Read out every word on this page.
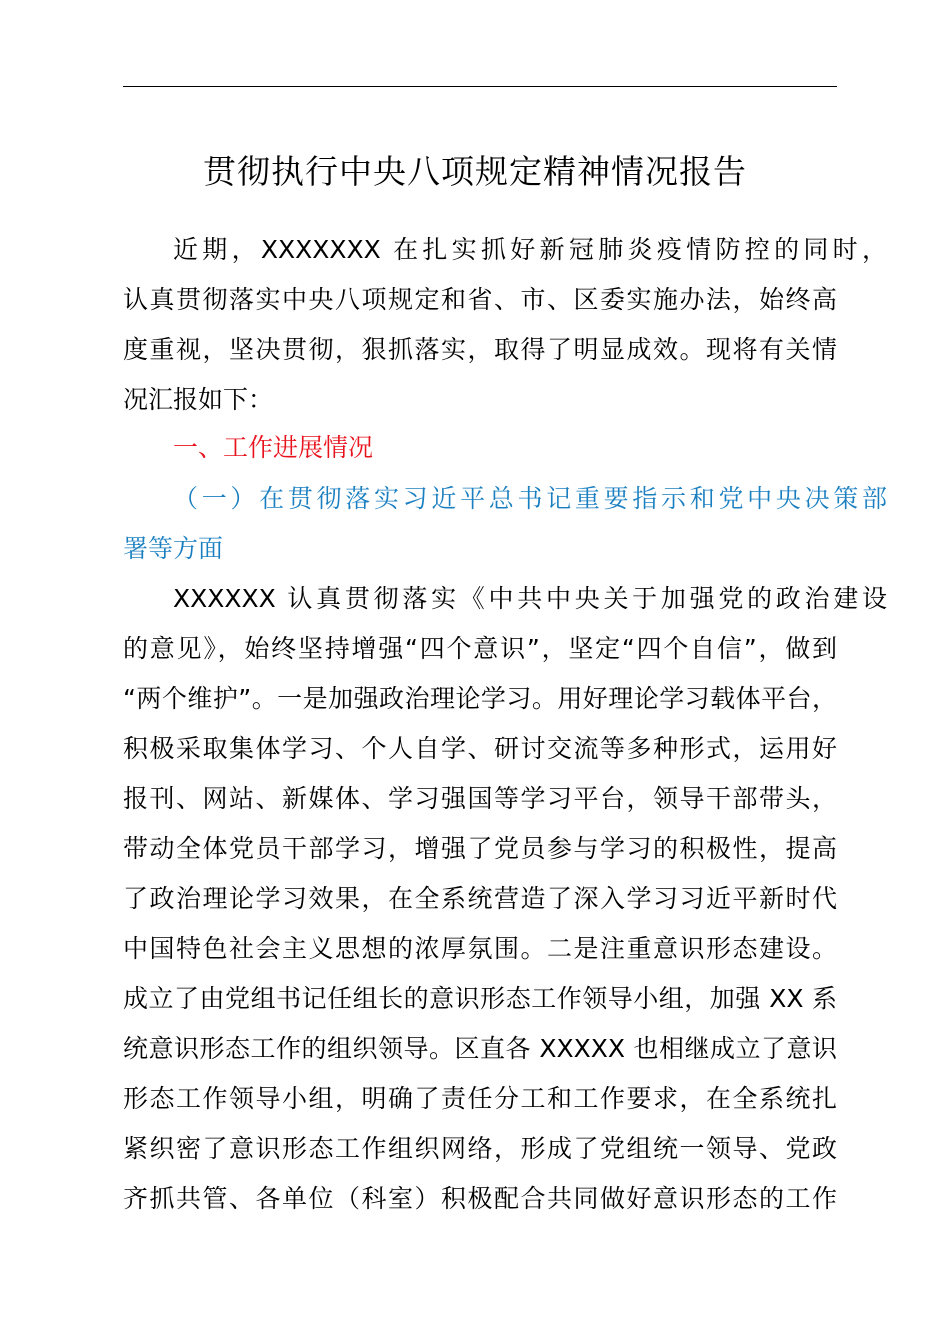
贯彻执行中央八项规定精神情况报告
近期，XXXXXXX 在扎实抓好新冠肺炎疫情防控的同时，
认真贯彻落实中央八项规定和省、市、区委实施办法，始终高
度重视，坚决贯彻，狠抓落实，取得了明显成效。现将有关情
况汇报如下：
一、工作进展情况
（一）在贯彻落实习近平总书记重要指示和党中央决策部
署等方面
XXXXXX 认真贯彻落实《中共中央关于加强党的政治建设
的意见》，始终坚持增强“四个意识”，坚定“四个自信”，做到
“两个维护”。一是加强政治理论学习。用好理论学习载体平台，
积极采取集体学习、个人自学、研讨交流等多种形式，运用好
报刊、网站、新媒体、学习强国等学习平台，领导干部带头，
带动全体党员干部学习，增强了党员参与学习的积极性，提高
了政治理论学习效果，在全系统营造了深入学习习近平新时代
中国特色社会主义思想的浓厚氛围。二是注重意识形态建设。
成立了由党组书记任组长的意识形态工作领导小组，加强 XX 系
统意识形态工作的组织领导。区直各 XXXXX 也相继成立了意识
形态工作领导小组，明确了责任分工和工作要求，在全系统扎
紧织密了意识形态工作组织网络，形成了党组统一领导、党政
齐抓共管、各单位（科室）积极配合共同做好意识形态的工作
